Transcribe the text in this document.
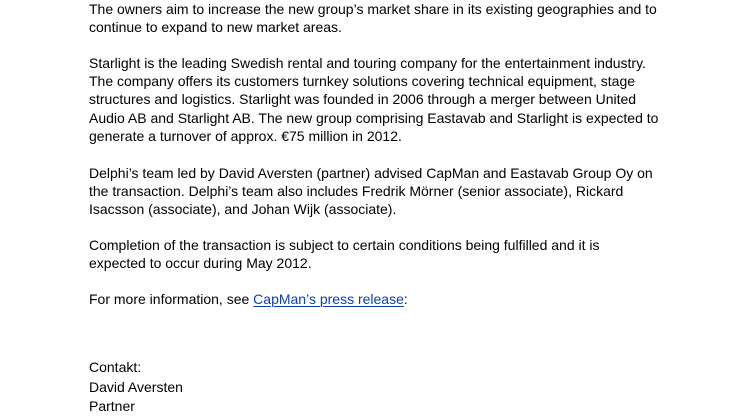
The owners aim to increase the new group’s market share in its existing geographies and to
continue to expand to new market areas.
Starlight is the leading Swedish rental and touring company for the entertainment industry.
The company offers its customers turnkey solutions covering technical equipment, stage
structures and logistics. Starlight was founded in 2006 through a merger between United
Audio AB and Starlight AB. The new group comprising Eastavab and Starlight is expected to
generate a turnover of approx. €75 million in 2012.
Delphi’s team led by David Aversten (partner) advised CapMan and Eastavab Group Oy on
the transaction. Delphi’s team also includes Fredrik Mörner (senior associate), Rickard
Isacsson (associate), and Johan Wijk (associate).
Completion of the transaction is subject to certain conditions being fulfilled and it is
expected to occur during May 2012.
For more information, see CapMan’s press release:
Contakt:
David Aversten
Partner
